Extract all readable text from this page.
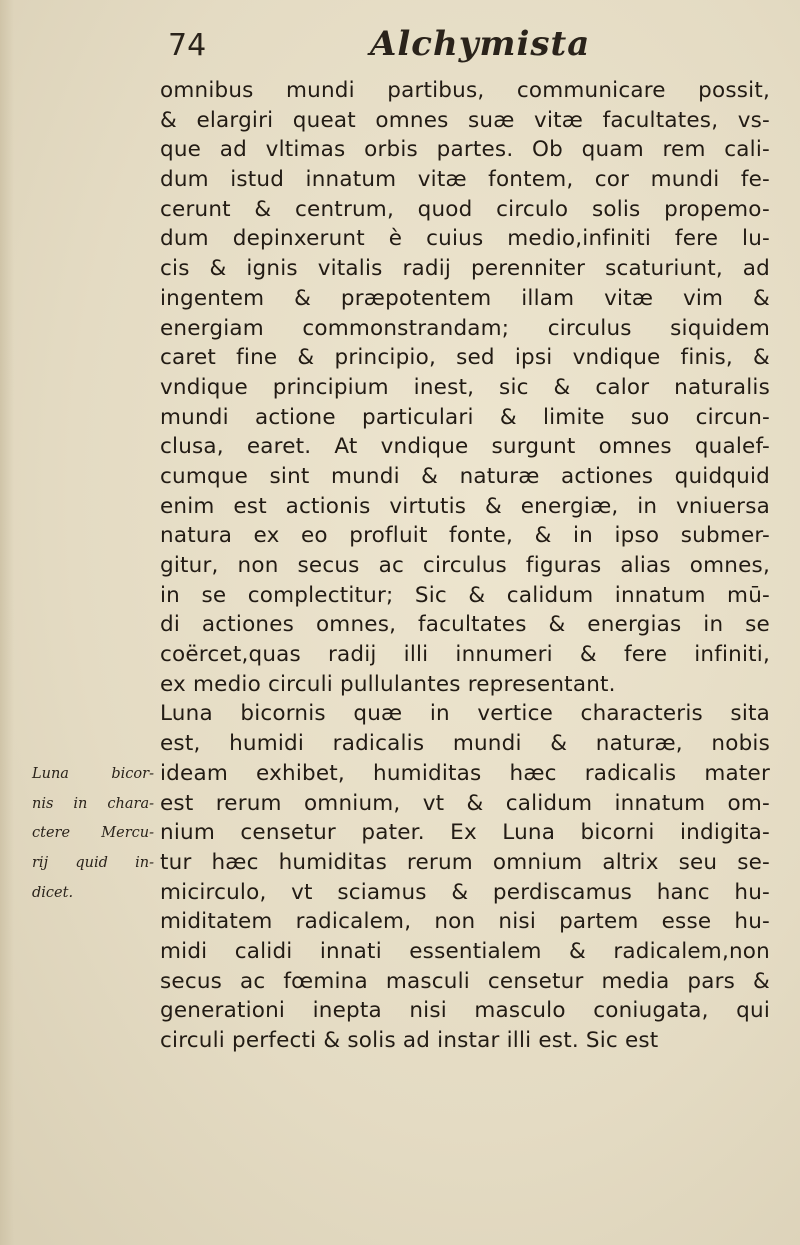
74	Alchymista
omnibus mundi partibus, communicare possit,
& elargiri queat omnes suæ vitæ facultates, vs-
que ad vltimas orbis partes. Ob quam rem cali-
dum istud innatum vitæ fontem, cor mundi fe-
cerunt & centrum, quod circulo solis propemo-
dum depinxerunt è cuius medio,infiniti fere lu-
cis & ignis vitalis radij perenniter scaturiunt, ad
ingentem & præpotentem illam vitæ vim &
energiam commonstrandam; circulus siquidem
caret fine & principio, sed ipsi vndique finis, &
vndique principium inest, sic & calor naturalis
mundi actione particulari & limite suo circun-
clusa, earet. At vndique surgunt omnes qualef-
cumque sint mundi & naturæ actiones quidquid
enim est actionis virtutis & energiæ, in vniuersa
natura ex eo profluit fonte, & in ipso submer-
gitur, non secus ac circulus figuras alias omnes,
in se complectitur; Sic & calidum innatum mū-
di actiones omnes, facultates & energias in se
coërcet,quas radij illi innumeri & fere infiniti,
ex medio circuli pullulantes representant.
Luna bicornis quæ in vertice characteris sita
est, humidi radicalis mundi & naturæ, nobis
ideam exhibet, humiditas hæc radicalis mater
est rerum omnium, vt & calidum innatum om-
nium censetur pater. Ex Luna bicorni indigita-
tur hæc humiditas rerum omnium altrix seu se-
micirculo, vt sciamus & perdiscamus hanc hu-
miditatem radicalem, non nisi partem esse hu-
midi calidi innati essentialem & radicalem,non
secus ac fœmina masculi censetur media pars &
generationi inepta nisi masculo coniugata, qui
circuli perfecti & solis ad instar illi est. Sic est
Luna bicor-
nis in chara-
ctere Mercu-
rij quid in-
dicet.
